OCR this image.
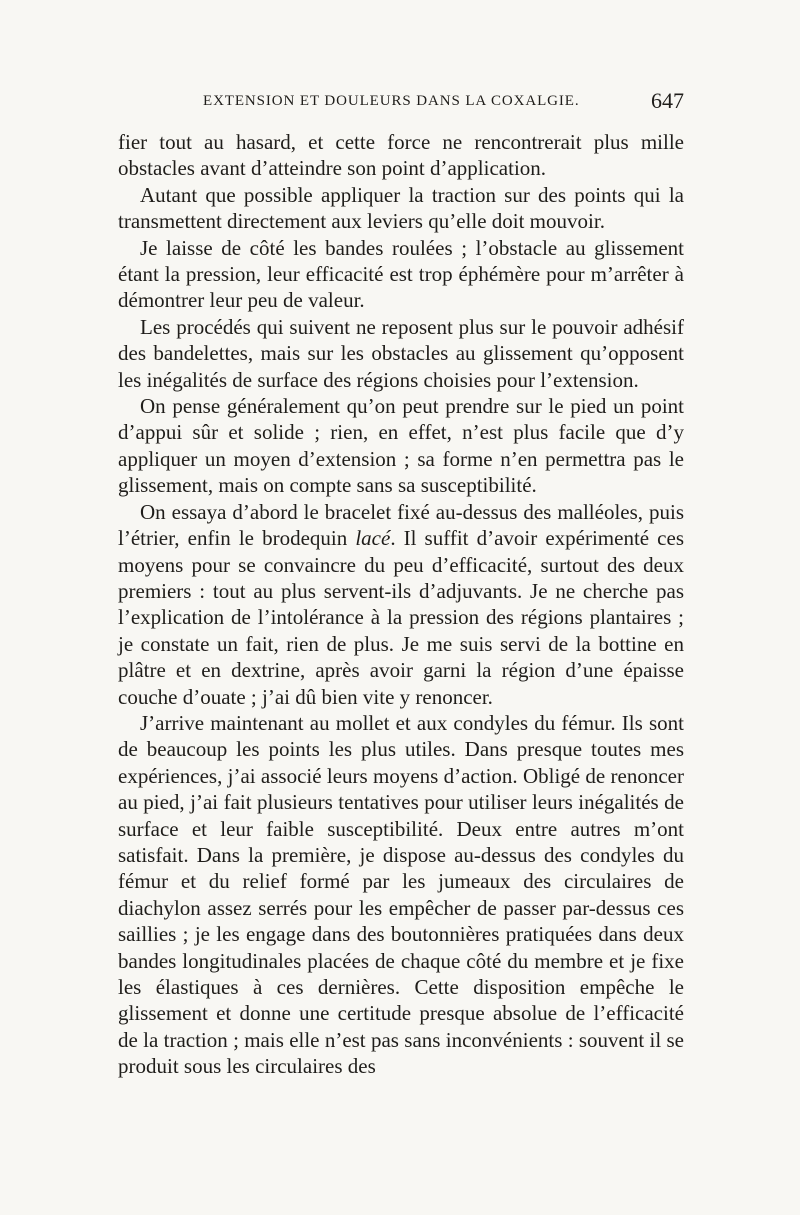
EXTENSION ET DOULEURS DANS LA COXALGIE.	647

fier tout au hasard, et cette force ne rencontrerait plus mille obstacles avant d’atteindre son point d’application.

Autant que possible appliquer la traction sur des points qui la transmettent directement aux leviers qu’elle doit mouvoir.

Je laisse de côté les bandes roulées ; l’obstacle au glissement étant la pression, leur efficacité est trop éphémère pour m’arrêter à démontrer leur peu de valeur.

Les procédés qui suivent ne reposent plus sur le pouvoir adhésif des bandelettes, mais sur les obstacles au glissement qu’opposent les inégalités de surface des régions choisies pour l’extension.

On pense généralement qu’on peut prendre sur le pied un point d’appui sûr et solide ; rien, en effet, n’est plus facile que d’y appliquer un moyen d’extension ; sa forme n’en permettra pas le glissement, mais on compte sans sa susceptibilité.

On essaya d’abord le bracelet fixé au-dessus des malléoles, puis l’étrier, enfin le brodequin lacé. Il suffit d’avoir expérimenté ces moyens pour se convaincre du peu d’efficacité, surtout des deux premiers : tout au plus servent-ils d’adjuvants. Je ne cherche pas l’explication de l’intolérance à la pression des régions plantaires ; je constate un fait, rien de plus. Je me suis servi de la bottine en plâtre et en dextrine, après avoir garni la région d’une épaisse couche d’ouate ; j’ai dû bien vite y renoncer.

J’arrive maintenant au mollet et aux condyles du fémur. Ils sont de beaucoup les points les plus utiles. Dans presque toutes mes expériences, j’ai associé leurs moyens d’action. Obligé de renoncer au pied, j’ai fait plusieurs tentatives pour utiliser leurs inégalités de surface et leur faible susceptibilité. Deux entre autres m’ont satisfait. Dans la première, je dispose au-dessus des condyles du fémur et du relief formé par les jumeaux des circulaires de diachylon assez serrés pour les empêcher de passer par-dessus ces saillies ; je les engage dans des boutonnières pratiquées dans deux bandes longitudinales placées de chaque côté du membre et je fixe les élastiques à ces dernières. Cette disposition empêche le glissement et donne une certitude presque absolue de l’efficacité de la traction ; mais elle n’est pas sans inconvénients : souvent il se produit sous les circulaires des
